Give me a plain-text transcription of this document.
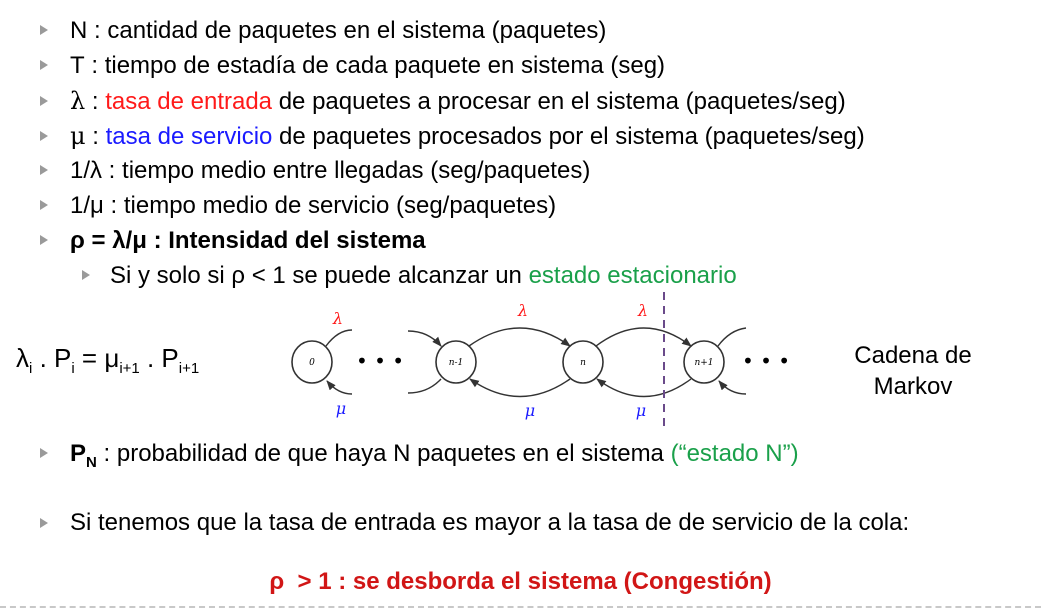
N : cantidad de paquetes en el sistema (paquetes)
T : tiempo de estadía de cada paquete en sistema (seg)
λ : tasa de entrada de paquetes a procesar en el sistema (paquetes/seg)
μ : tasa de servicio de paquetes procesados por el sistema (paquetes/seg)
1/λ : tiempo medio entre llegadas (seg/paquetes)
1/μ : tiempo medio de servicio (seg/paquetes)
ρ = λ/μ : Intensidad del sistema
Si y solo si ρ < 1 se puede alcanzar un estado estacionario
$\lambda_i$ . $P_i = \mu_{i+1}$ . $P_{i+1}$	0	n-1	n	n+1
• • •	• • •
λ	λ	λ
μ	μ	μ
Cadena de
Markov
$P_N$ : probabilidad de que haya N paquetes en el sistema (“estado N”)
Si tenemos que la tasa de entrada es mayor a la tasa de de servicio de la cola:
ρ  > 1 : se desborda el sistema (Congestión)
